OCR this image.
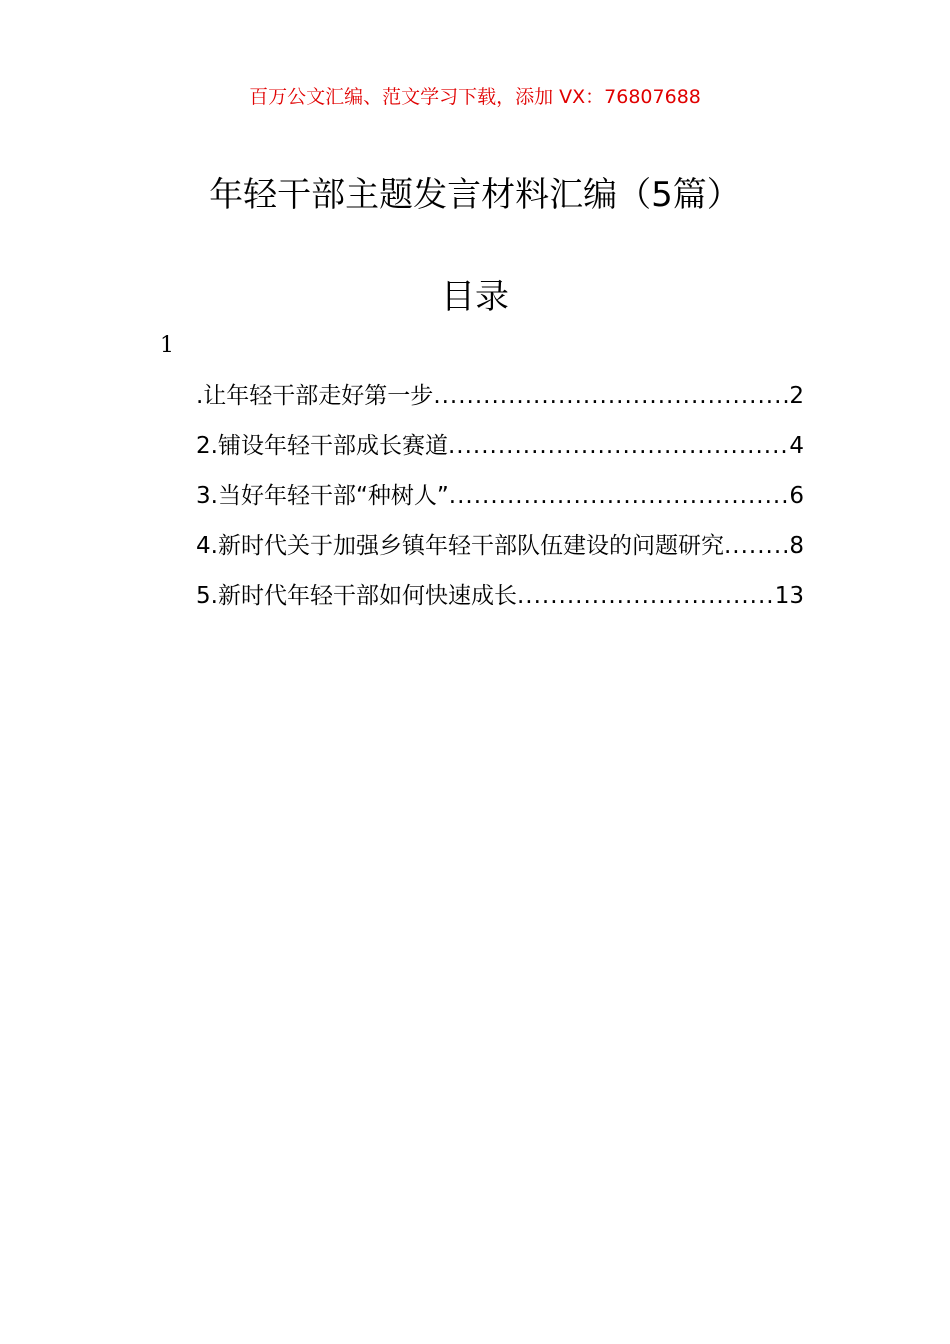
百万公文汇编、范文学习下载，添加 VX：76807688
年轻干部主题发言材料汇编（5篇）
目录
1
.让年轻干部走好第一步 .....	2
2.铺设年轻干部成长赛道 .....	4
3.当好年轻干部“种树人” .....	6
4.新时代关于加强乡镇年轻干部队伍建设的问题研究 .....	8
5.新时代年轻干部如何快速成长 .....	13
